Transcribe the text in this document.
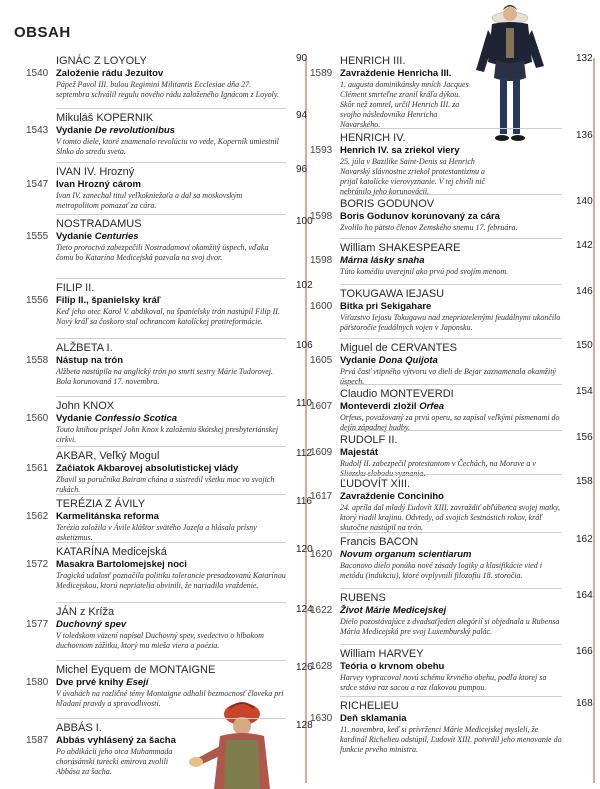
OBSAH
IGNÁC Z LOYOLY	90
1540 Založenie rádu Jezuitov
Pápež Pavol III. bulou Regimini Militantis Ecclesiae dňa 27. septembra schválil regulu nového rádu založeného Ignácom z Loyoly.
Mikuláš KOPERNIK	94
1543 Vydanie De revolutionibus
V tomto diele, ktoré znamenalo revolúciu vo vede, Koperník umiestnil Slnko do stredu sveta.
IVAN IV. Hrozný	96
1547 Ivan Hrozný cárom
Ivan IV. zanechal titul veľkokniežaťa a dal sa moskovským metropolitom pomazať za cára.
NOSTRADAMUS	100
1555 Vydanie Centuries
Tieto proroctvá zabezpečili Nostradamovi okamžitý úspech, vďaka čomu bo Katarína Medicejská pozvala na svoj dvor.
FILIP II.	102
1556 Filip II., španielsky kráľ
Keď jeho otec Karol V. abdikoval, na španielsky trón nastúpil Filip II. Nový kráľ sa čoskoro stal ochrancom katolíckej protireformácie.
ALŽBETA I.	106
1558 Nástup na trón
Alžbeta nastúpila na anglický trón po smrti sestry Márie Tudorovej. Bola korunovaná 17. novembra.
John KNOX	110
1560 Vydanie Confessio Scotica
Touto knihou prispel John Knox k založeniu škótskej presbyteriánskej cirkvi.
AKBAR, Veľký Mogul	112
1561 Začiatok Akbarovej absolutistickej vlády
Zbavil sa poručníka Bairam chána a sústredil všetku moc vo svojich rukách.
TERÉZIA Z ÁVILY	116
1562 Karmelitánska reforma
Terézia založila v Ávile kláštor svätého Jozefa a hlásala prísny asketizmus.
KATARÍNA Medicejská	120
1572 Masakra Bartolomejskej noci
Tragická udalosť poznačila politiku tolerancie presadzovanú Katarínou Medicejskou, ktorú nepriatelia obvinili, že nariadila vraždenie.
JÁN z Kríža	124
1577 Duchovný spev
V toledskom väzení napísal Duchovný spev, svedectvo o hlbokom duchovnom zážitku, ktorý mu mieša viera a poézia.
Michel Eyquem de MONTAIGNE	126
1580 Dve prvé knihy Esejí
V úvahách na rozličné témy Montaigne odhalil bezmocnosť človeka pri hľadaní pravdy a spravodlivosti.
ABBÁS I.	128
1587 Abbás vyhlásený za šacha
Po abdikácii jeho otca Muhammada chorásánski turecki emirova zvolili Abbása za šacha.
HENRICH III.	132
1589 Zavraždenie Henricha III.
1. augusta dominikánsky mních Jacques Clément smrteľne zranil kráľa dýkou. Skôr než zomrel, určil Henrich III. za svojho následovníka Henricha Navarského.
HENRICH IV.	136
1593 Henrich IV. sa zriekol viery
25. júla v Bazilike Saint-Denis sa Henrich Navarský slávnostne zriekol protestantizmu a prijal katolícke vierovyznanie. V tej chvíli nič nebránilo jeho korunovácii.
BORIS GODUNOV	140
1598 Boris Godunov korunovaný za cára
Zvolilo ho pätsto členov Zemského snemu 17. februára.
William SHAKESPEARE	142
1598 Márna lásky snaha
Túto komédiu uverejnil ako prvú pod svojím menom.
TOKUGAWA IEJASU	146
1600 Bitka pri Sekigahare
Víťazstvo Iejasu Tokugawu nad znepriatelenými feudálnymi ukončilo päťstoročie feudálnych vojen v Japonsku.
Miguel de CERVANTES	150
1605 Vydanie Dona Quijota
Prvá časť vtipného výtvoru vo dieli de Bejar zaznamenala okamžitý úspech.
Claudio MONTEVERDI	154
1607 Monteverdi zložil Orfea
Orfeus, považovaný za prvú operu, sa zapísal veľkými písmenami do dejín západnej hudby.
RUDOLF II.	156
1609 Majestát
Rudolf II. zabezpečil protestantom v Čechách, na Morave a v Sliezsku slobodu vyznania.
ĽUDOVÍT XIII.	158
1617 Zavraždenie Conciniho
24. apríla dal mladý Ľudovít XIII. zavraždiť obľúbenca svojej matky, ktorý riadil krajinu. Odvtedy, od svojich šestnástich rokov, kráľ skutočne nastúpil na trón.
Francis BACON	162
1620 Novum organum scientiarum
Baconovo dielo ponúka nové zásady logiky a klasifikácie vied i metódu (indukciu), ktoré ovplyvnili filozofiu 18. storočia.
RUBENS	164
1622 Život Márie Medicejskej
Dielo pozostávajúce z dvadsaťjeden alegórií si objednala u Rubensa Mária Medicejská pre svoj Luxemburský palác.
William HARVEY	166
1628 Teória o krvnom obehu
Harvey vypracoval novú schému krvného obehu, podľa ktorej sa srdce stáva raz sacou a raz tlakovou pumpou.
RICHELIEU	168
1630 Deň sklamania
11. novembra, keď si prívrženci Márie Medicejskej mysleli, že kardinál Richelieu odstúpil, Ľudovít XIII. potvrdil jeho menovanie do funkcie prvého ministra.
